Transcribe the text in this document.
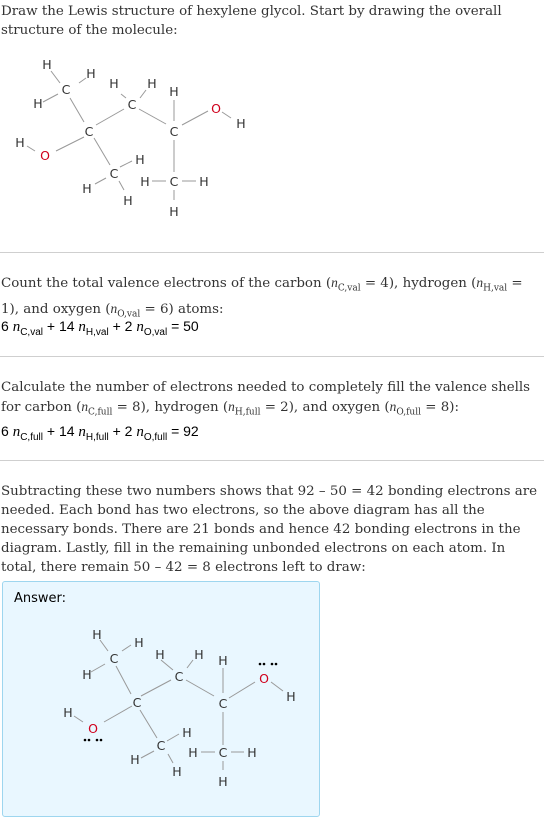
Draw the Lewis structure of hexylene glycol. Start by drawing the overall structure of the molecule:

H
H
H
C	H H
C
H
O
H
C	C
H
O	H
C
H C H
H
H
H

Count the total valence electrons of the carbon $(n_{C,val} = 4)$, hydrogen $(n_{H,val} = 1)$, and oxygen $(n_{O,val} = 6)$ atoms:

6 $n_{C,val} + 14$ $n_{H,val} + 2$ $n_{O,val} = 50$

Calculate the number of electrons needed to completely fill the valence shells for carbon $(n_{C,full} = 8)$, hydrogen $(n_{H,full} = 2)$, and oxygen $(n_{O,full} = 8)$:

6 $n_{C,full} + 14$ $n_{H,full} + 2$ $n_{O,full} = 92$

Subtracting these two numbers shows that 92 – 50 = 42 bonding electrons are needed. Each bond has two electrons, so the above diagram has all the necessary bonds. There are 21 bonds and hence 42 bonding electrons in the diagram. Lastly, fill in the remaining unbonded electrons on each atom. In total, there remain 50 – 42 = 8 electrons left to draw:

Answer:
H
H
H
C	H H
C
H
O
H
C	C
H
O	H
C H C H
H
H
H
